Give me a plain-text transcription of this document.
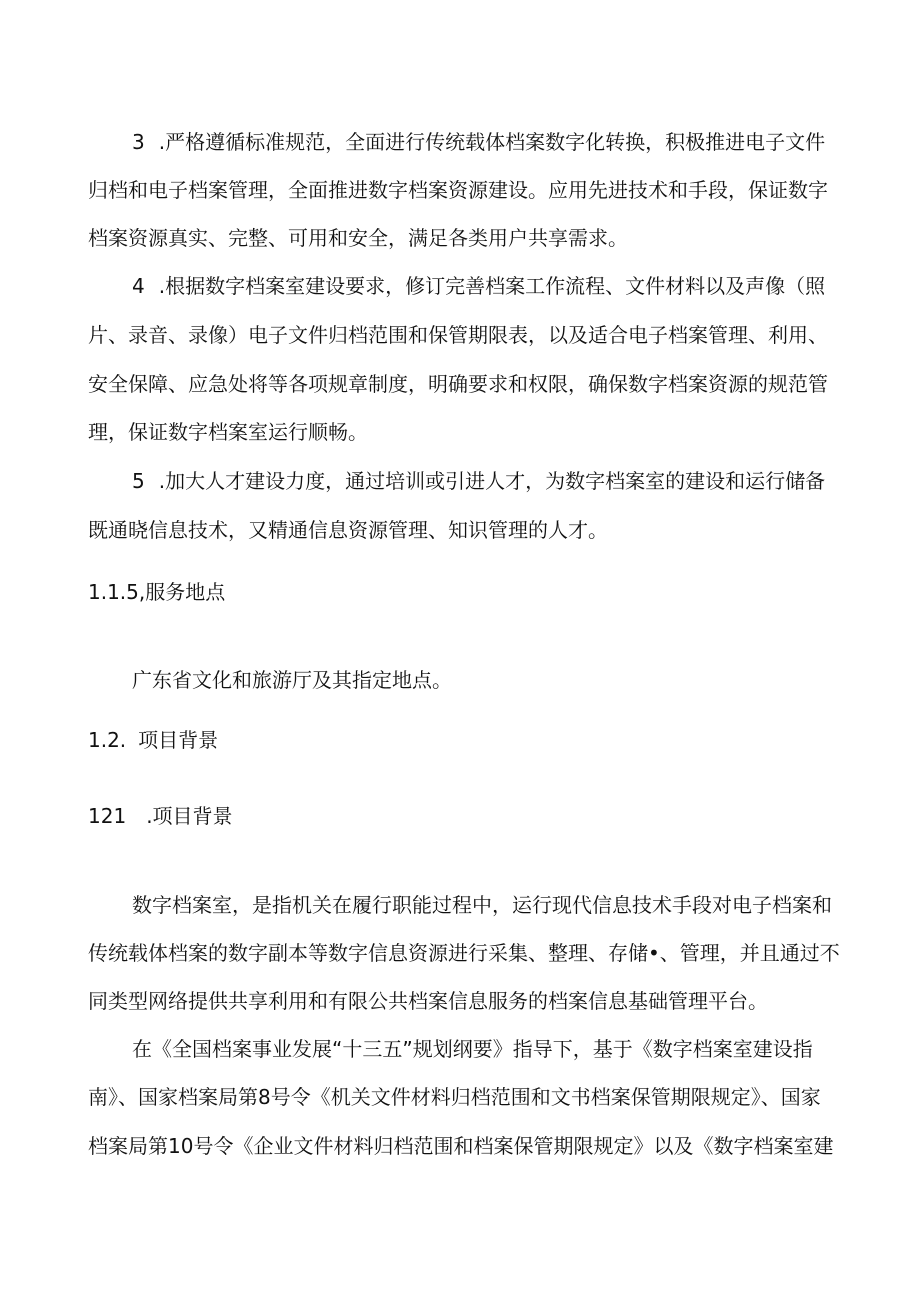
3 .严格遵循标准规范，全面进行传统载体档案数字化转换，积极推进电子文件
归档和电子档案管理，全面推进数字档案资源建设。应用先进技术和手段，保证数字
档案资源真实、完整、可用和安全，满足各类用户共享需求。
4 .根据数字档案室建设要求，修订完善档案工作流程、文件材料以及声像（照
片、录音、录像）电子文件归档范围和保管期限表，以及适合电子档案管理、利用、
安全保障、应急处将等各项规章制度，明确要求和权限，确保数字档案资源的规范管
理，保证数字档案室运行顺畅。
5 .加大人才建设力度，通过培训或引进人才，为数字档案室的建设和运行储备
既通晓信息技术，又精通信息资源管理、知识管理的人才。
1.1.5,服务地点
广东省文化和旅游厅及其指定地点。
1.2. 项目背景
121 .项目背景
数字档案室，是指机关在履行职能过程中，运行现代信息技术手段对电子档案和
传统载体档案的数字副本等数字信息资源进行采集、整理、存储•、管理，并且通过不
同类型网络提供共享利用和有限公共档案信息服务的档案信息基础管理平台。
在《全国档案事业发展“十三五”规划纲要》指导下，基于《数字档案室建设指
南》、国家档案局第8号令《机关文件材料归档范围和文书档案保管期限规定》、国家
档案局第10号令《企业文件材料归档范围和档案保管期限规定》以及《数字档案室建
